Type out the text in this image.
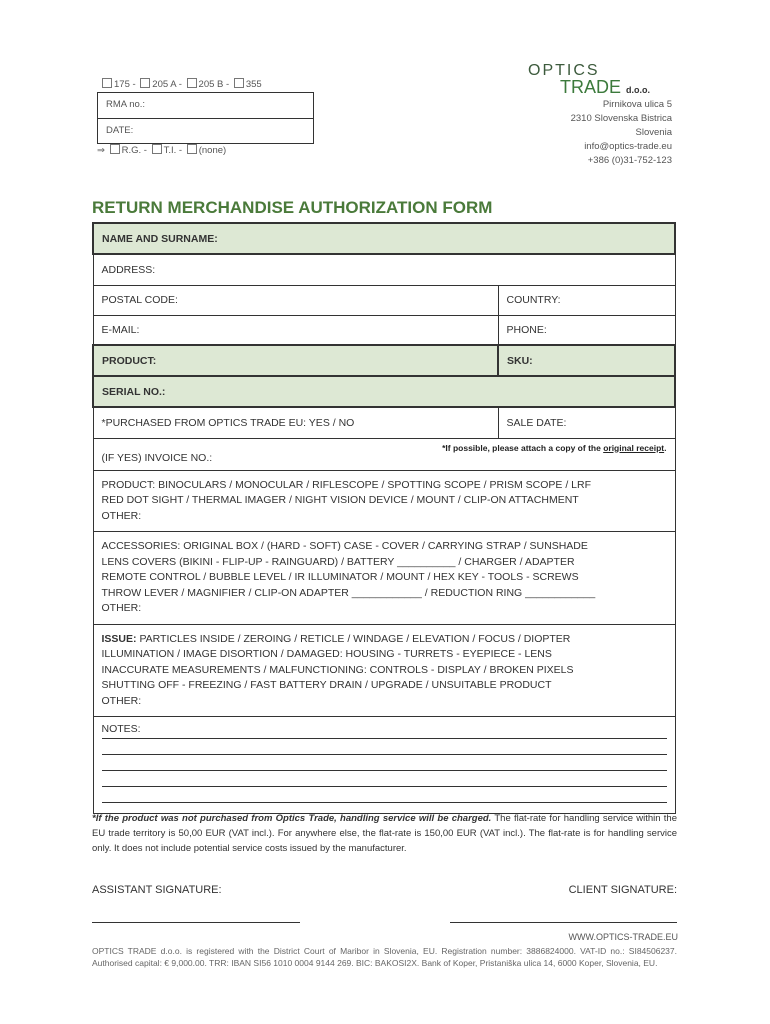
175 - 205 A - 205 B - 355
RMA no.:
DATE:
⇒ R.G. - T.I. - (none)
OPTICS
TRADE d.o.o.
Pirnikova ulica 5
2310 Slovenska Bistrica
Slovenia
info@optics-trade.eu
+386 (0)31-752-123
RETURN MERCHANDISE AUTHORIZATION FORM
NAME AND SURNAME:	
ADDRESS:	
POSTAL CODE:	COUNTRY:
E-MAIL:	PHONE:
PRODUCT:	SKU:
SERIAL NO.:	
*PURCHASED FROM OPTICS TRADE EU: YES / NO	SALE DATE:
(IF YES) INVOICE NO.:
*If possible, please attach a copy of the original receipt.	

PRODUCT: BINOCULARS / MONOCULAR / RIFLESCOPE / SPOTTING SCOPE / PRISM SCOPE / LRF
RED DOT SIGHT / THERMAL IMAGER / NIGHT VISION DEVICE / MOUNT / CLIP-ON ATTACHMENT
OTHER:	

ACCESSORIES: ORIGINAL BOX / (HARD - SOFT) CASE - COVER / CARRYING STRAP / SUNSHADE
LENS COVERS (BIKINI - FLIP-UP - RAINGUARD) / BATTERY __________ / CHARGER / ADAPTER
REMOTE CONTROL / BUBBLE LEVEL / IR ILLUMINATOR / MOUNT / HEX KEY - TOOLS - SCREWS
THROW LEVER / MAGNIFIER / CLIP-ON ADAPTER ____________ / REDUCTION RING ____________
OTHER:	

ISSUE: PARTICLES INSIDE / ZEROING / RETICLE / WINDAGE / ELEVATION / FOCUS / DIOPTER
ILLUMINATION / IMAGE DISORTION / DAMAGED: HOUSING - TURRETS - EYEPIECE - LENS
INACCURATE MEASUREMENTS / MALFUNCTIONING: CONTROLS - DISPLAY / BROKEN PIXELS
SHUTTING OFF - FREEZING / FAST BATTERY DRAIN / UPGRADE / UNSUITABLE PRODUCT
OTHER:	

NOTES:	
*If the product was not purchased from Optics Trade, handling service will be charged. The flat-rate for handling service within the EU trade territory is 50,00 EUR (VAT incl.). For anywhere else, the flat-rate is 150,00 EUR (VAT incl.). The flat-rate is for handling service only. It does not include potential service costs issued by the manufacturer.
ASSISTANT SIGNATURE:	CLIENT SIGNATURE:
WWW.OPTICS-TRADE.EU
OPTICS TRADE d.o.o. is registered with the District Court of Maribor in Slovenia, EU. Registration number: 3886824000. VAT-ID no.: SI84506237. Authorised capital: € 9,000.00. TRR: IBAN SI56 1010 0004 9144 269. BIC: BAKOSI2X. Bank of Koper, Pristaniška ulica 14, 6000 Koper, Slovenia, EU.
